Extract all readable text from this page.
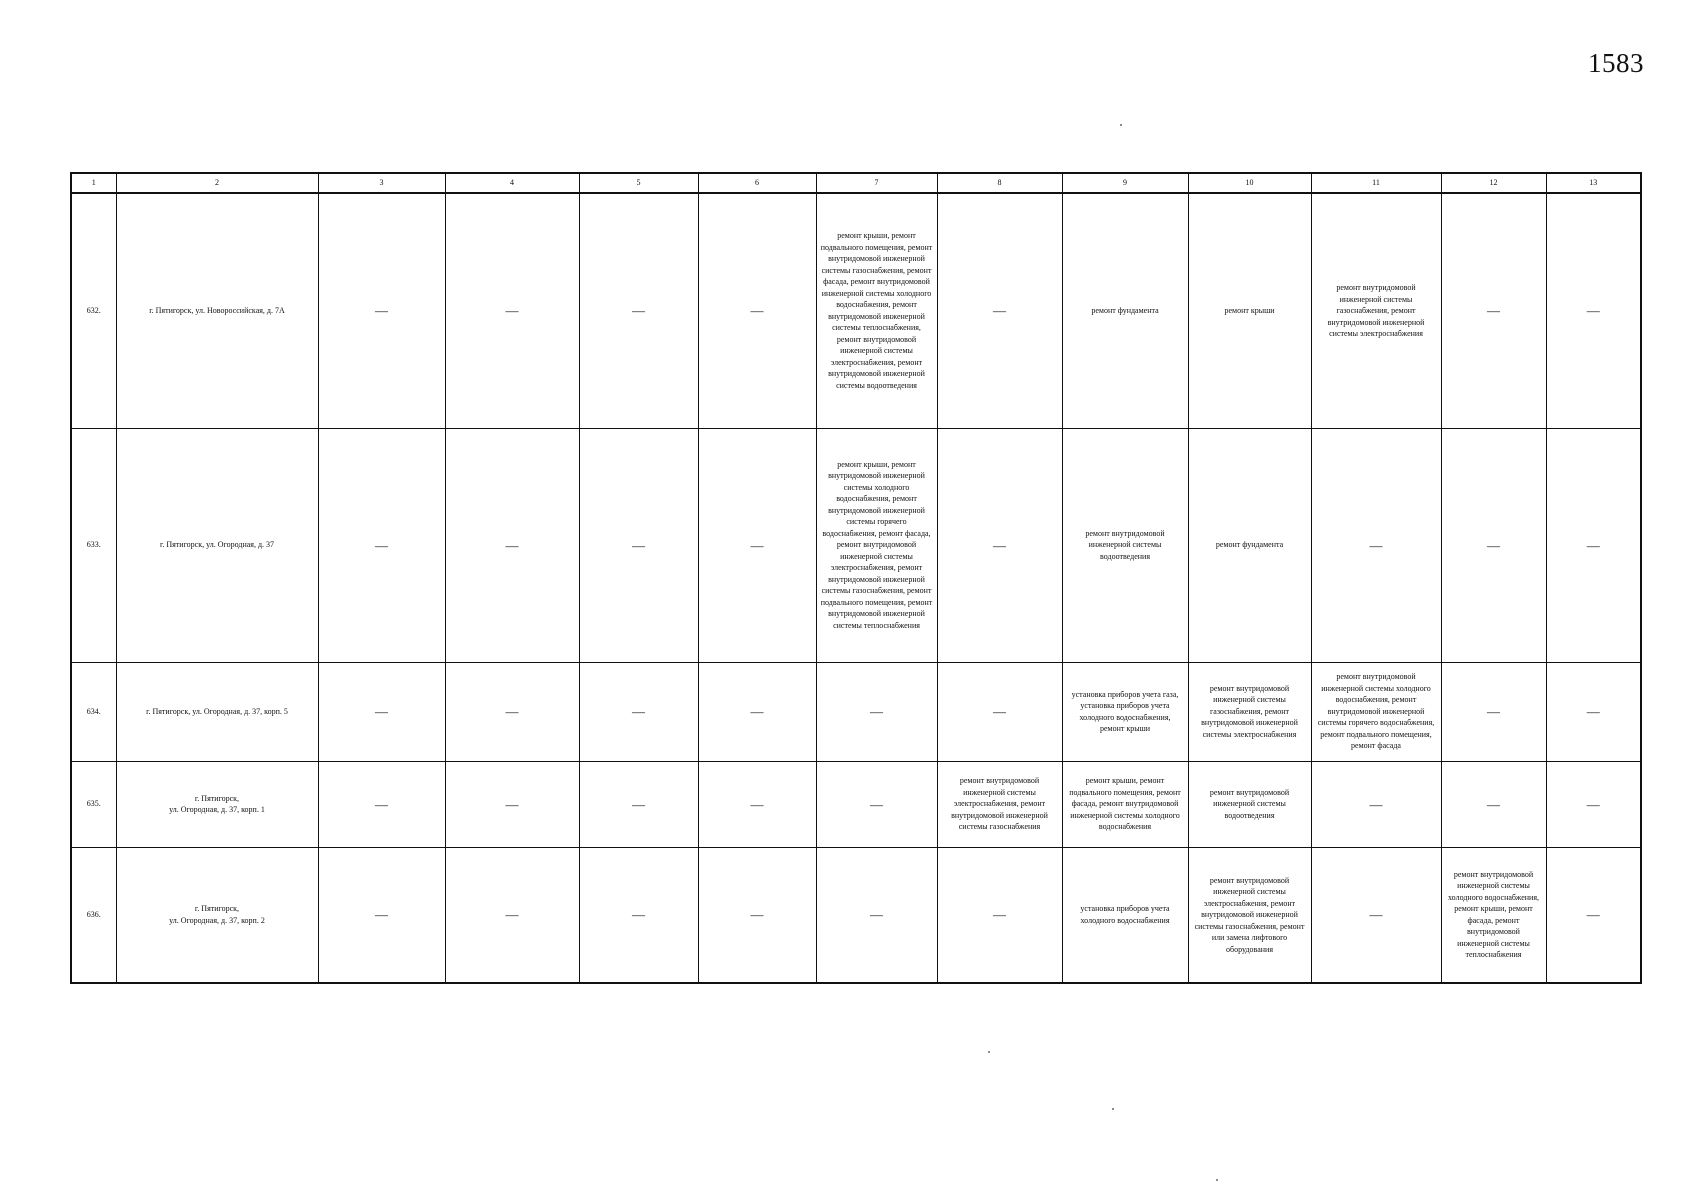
1583
1	2	3	4	5	6	7	8	9	10	11	12	13
632.	г. Пятигорск, ул. Новороссийская, д. 7А	—	—	—	—	ремонт крыши, ремонт подвального помещения, ремонт внутридомовой инженерной системы газоснабжения, ремонт фасада, ремонт внутридомовой инженерной системы холодного водоснабжения, ремонт внутридомовой инженерной системы теплоснабжения, ремонт внутридомовой инженерной системы электроснабжения, ремонт внутридомовой инженерной системы водоотведения	—	ремонт фундамента	ремонт крыши	ремонт внутридомовой инженерной системы газоснабжения, ремонт внутридомовой инженерной системы электроснабжения	—	—
633.	г. Пятигорск, ул. Огородная, д. 37	—	—	—	—	ремонт крыши, ремонт внутридомовой инженерной системы холодного водоснабжения, ремонт внутридомовой инженерной системы горячего водоснабжения, ремонт фасада, ремонт внутридомовой инженерной системы электроснабжения, ремонт внутридомовой инженерной системы газоснабжения, ремонт подвального помещения, ремонт внутридомовой инженерной системы теплоснабжения	—	ремонт внутридомовой инженерной системы водоотведения	ремонт фундамента	—	—	—
634.	г. Пятигорск, ул. Огородная, д. 37, корп. 5	—	—	—	—	—	—	установка приборов учета газа, установка приборов учета холодного водоснабжения, ремонт крыши	ремонт внутридомовой инженерной системы газоснабжения, ремонт внутридомовой инженерной системы электроснабжения	ремонт внутридомовой инженерной системы холодного водоснабжения, ремонт внутридомовой инженерной системы горячего водоснабжения, ремонт подвального помещения, ремонт фасада	—	—
635.	г. Пятигорск,
ул. Огородная, д. 37, корп. 1	—	—	—	—	—	ремонт внутридомовой инженерной системы электроснабжения, ремонт внутридомовой инженерной системы газоснабжения	ремонт крыши, ремонт подвального помещения, ремонт фасада, ремонт внутридомовой инженерной системы холодного водоснабжения	ремонт внутридомовой инженерной системы водоотведения	—	—	—
636.	г. Пятигорск,
ул. Огородная, д. 37, корп. 2	—	—	—	—	—	—	установка приборов учета холодного водоснабжения	ремонт внутридомовой инженерной системы электроснабжения, ремонт внутридомовой инженерной системы газоснабжения, ремонт или замена лифтового оборудования	—	ремонт внутридомовой инженерной системы холодного водоснабжения, ремонт крыши, ремонт фасада, ремонт внутридомовой инженерной системы теплоснабжения	—
